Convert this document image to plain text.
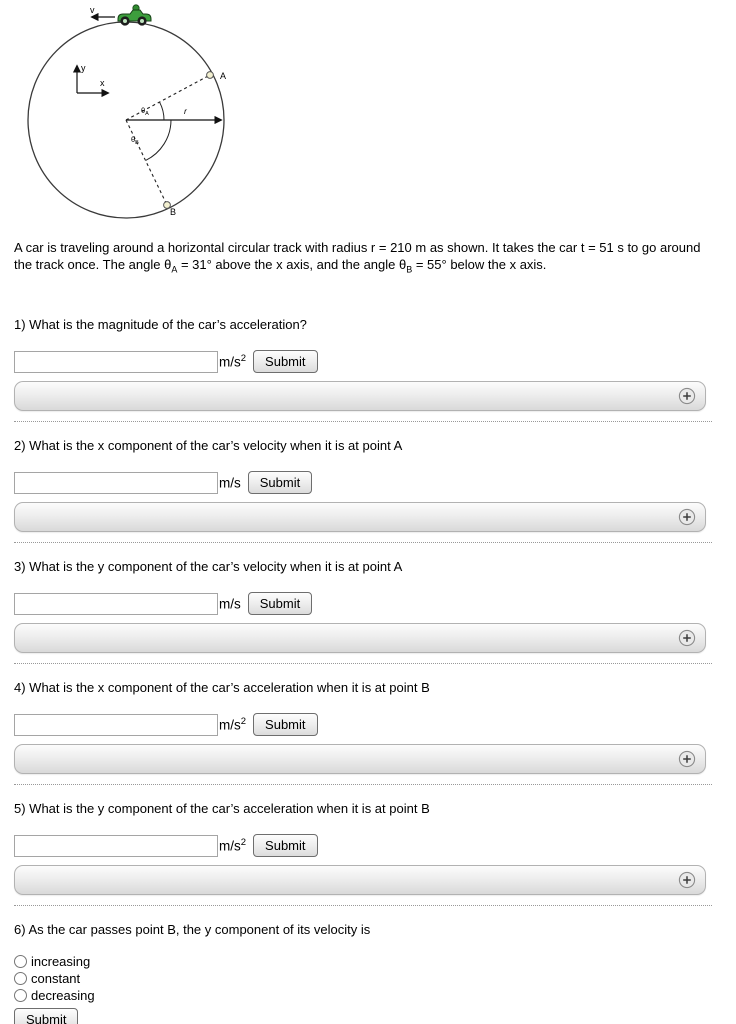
v
y
x
r
$\theta_A$
$\theta_B$
A
B

A car is traveling around a horizontal circular track with radius r = 210 m as shown. It takes the car t = 51 s to go around the track once. The angle $\theta_A = 31^\circ$ above the x axis, and the angle $\theta_B = 55^\circ$ below the x axis.

1) What is the magnitude of the car’s acceleration?
$m/s^2$	Submit
2) What is the x component of the car’s velocity when it is at point A
m/s	Submit
3) What is the y component of the car’s velocity when it is at point A
m/s	Submit
4) What is the x component of the car’s acceleration when it is at point B
$m/s^2$	Submit
5) What is the y component of the car’s acceleration when it is at point B
$m/s^2$	Submit
6) As the car passes point B, the y component of its velocity is
increasing
constant
decreasing
Submit
